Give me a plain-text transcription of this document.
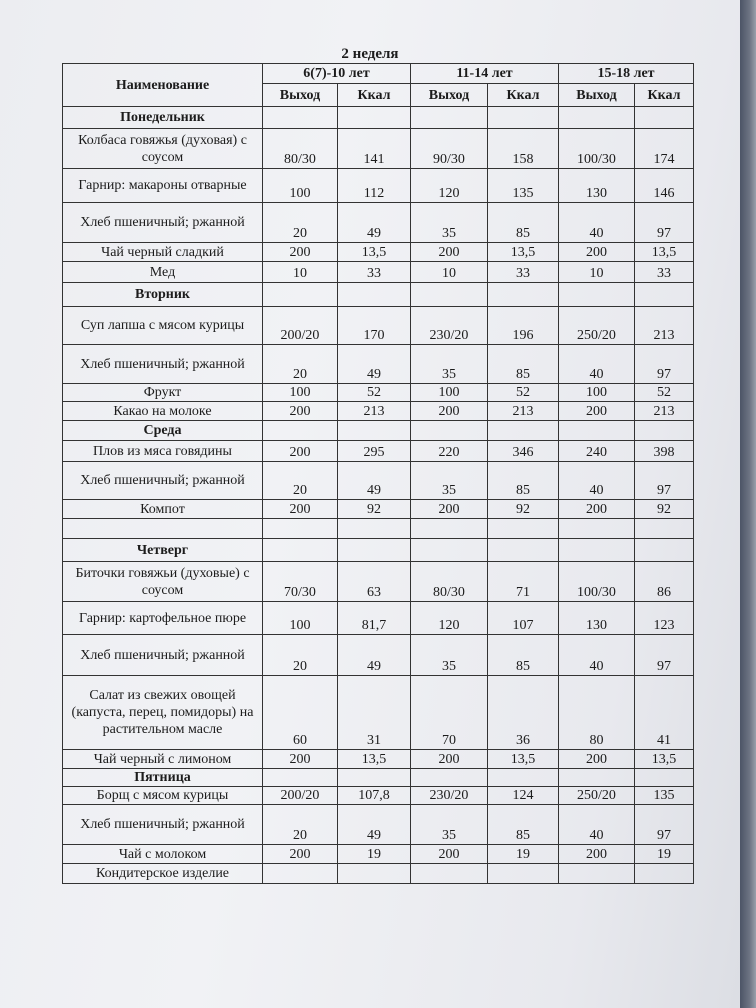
2 неделя
Наименование	6(7)-10 лет		11-14 лет		15-18 лет	
	Выход	Ккал	Выход	Ккал	Выход	Ккал
Понедельник						
Колбаса говяжья (духовая) с соусом	80/30	141	90/30	158	100/30	174
Гарнир: макароны отварные	100	112	120	135	130	146
Хлеб пшеничный; ржанной	20	49	35	85	40	97
Чай черный сладкий	200	13,5	200	13,5	200	13,5
Мед	10	33	10	33	10	33
Вторник						
Суп лапша с мясом курицы	200/20	170	230/20	196	250/20	213
Хлеб пшеничный; ржанной	20	49	35	85	40	97
Фрукт	100	52	100	52	100	52
Какао на молоке	200	213	200	213	200	213
Среда						
Плов из мяса говядины	200	295	220	346	240	398
Хлеб пшеничный; ржанной	20	49	35	85	40	97
Компот	200	92	200	92	200	92

Четверг						
Биточки говяжьи (духовые) с соусом	70/30	63	80/30	71	100/30	86
Гарнир: картофельное пюре	100	81,7	120	107	130	123
Хлеб пшеничный; ржанной	20	49	35	85	40	97
Салат из свежих овощей (капуста, перец, помидоры) на растительном масле	60	31	70	36	80	41
Чай черный с лимоном	200	13,5	200	13,5	200	13,5
Пятница						
Борщ с мясом курицы	200/20	107,8	230/20	124	250/20	135
Хлеб пшеничный; ржанной	20	49	35	85	40	97
Чай с молоком	200	19	200	19	200	19
Кондитерское изделие						
